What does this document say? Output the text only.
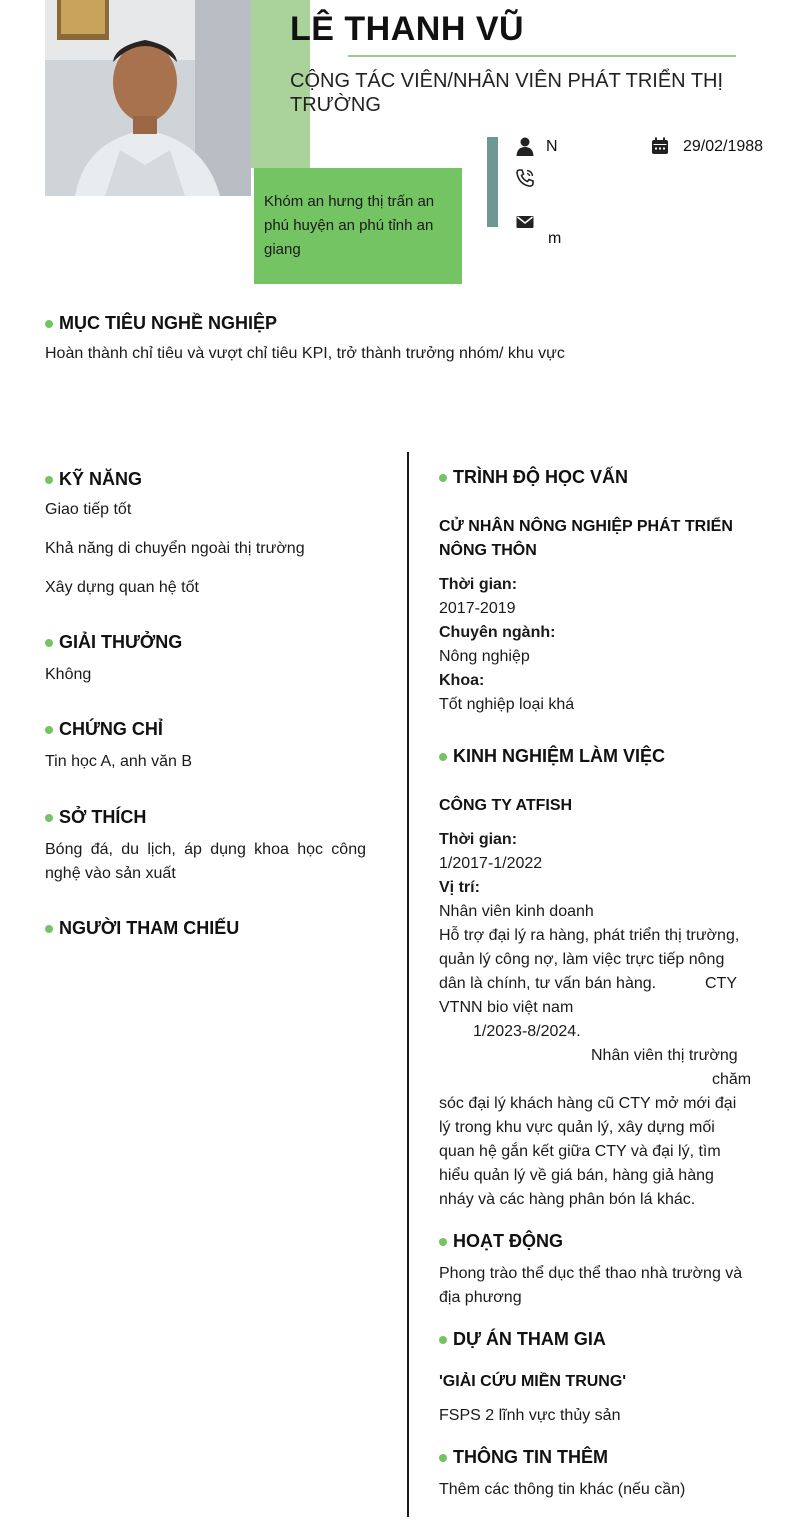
LÊ THANH VŨ
CỘNG TÁC VIÊN/NHÂN VIÊN PHÁT TRIỂN THỊ TRƯỜNG
Khóm an hưng thị trấn an phú huyện an phú tỉnh an giang
N	29/02/1988
m
MỤC TIÊU NGHỀ NGHIỆP
Hoàn thành chỉ tiêu và vượt chỉ tiêu KPI, trở thành trưởng nhóm/ khu vực
KỸ NĂNG
Giao tiếp tốt
Khả năng di chuyển ngoài thị trường
Xây dựng quan hệ tốt
GIẢI THƯỞNG
Không
CHỨNG CHỈ
Tin học A, anh văn B
SỞ THÍCH
Bóng đá, du lịch, áp dụng khoa học công nghệ vào sản xuất
NGƯỜI THAM CHIẾU
TRÌNH ĐỘ HỌC VẤN
CỬ NHÂN NÔNG NGHIỆP PHÁT TRIỂN NÔNG THÔN
Thời gian:
2017-2019
Chuyên ngành:
Nông nghiệp
Khoa:
Tốt nghiệp loại khá
KINH NGHIỆM LÀM VIỆC
CÔNG TY ATFISH
Thời gian:
1/2017-1/2022
Vị trí:
Nhân viên kinh doanh
Hỗ trợ đại lý ra hàng, phát triển thị trường,
quản lý công nợ, làm việc trực tiếp nông
dân là chính, tư vấn bán hàng.	CTY
VTNN bio việt nam
1/2023-8/2024.
Nhân viên thị trường
chăm
sóc đại lý khách hàng cũ CTY mở mới đại
lý trong khu vực quản lý, xây dựng mối
quan hệ gắn kết giữa CTY và đại lý, tìm
hiểu quản lý về giá bán, hàng giả hàng
nháy và các hàng phân bón lá khác.
HOẠT ĐỘNG
Phong trào thể dục thể thao nhà trường và địa phương
DỰ ÁN THAM GIA
'GIẢI CỨU MIỀN TRUNG'
FSPS 2 lĩnh vực thủy sản
THÔNG TIN THÊM
Thêm các thông tin khác (nếu cần)
